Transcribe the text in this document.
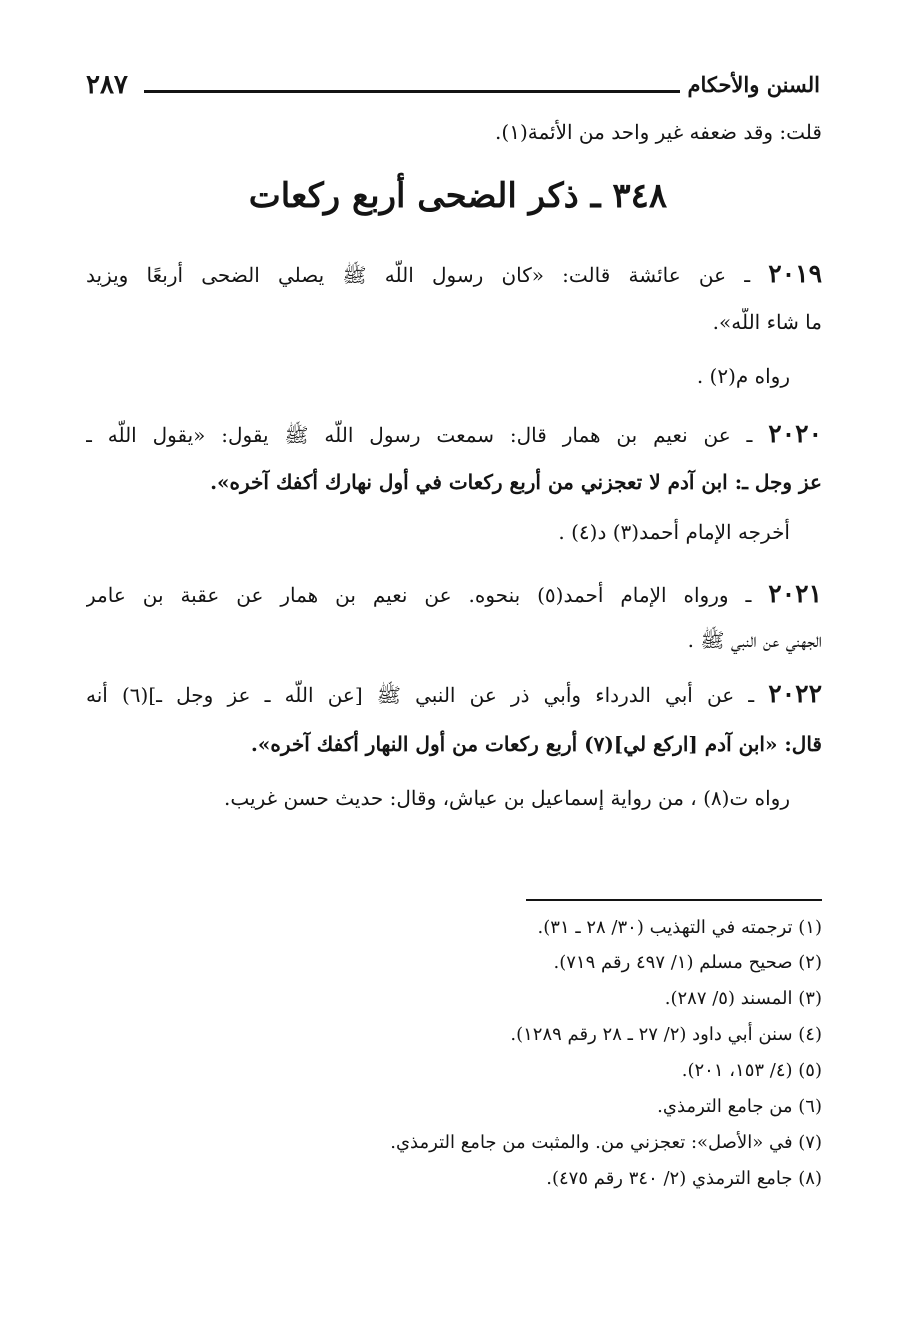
السنن والأحكام
٢٨٧
قلت: وقد ضعفه غير واحد من الأئمة(١).
٣٤٨ ـ ذكر الضحى أربع ركعات
٢٠١٩ ـ عن عائشة قالت: «كان رسول اللَّه ﷺ يصلي الضحى أربعًا ويزيد
ما شاء اللَّه».
رواه م(٢) .
٢٠٢٠ ـ عن نعيم بن همار قال: سمعت رسول اللَّه ﷺ يقول: «يقول اللَّه ـ
عز وجل ـ: ابن آدم لا تعجزني من أربع ركعات في أول نهارك أكفك آخره».
أخرجه الإمام أحمد(٣) د(٤) .
٢٠٢١ ـ ورواه الإمام أحمد(٥) بنحوه. عن نعيم بن همار عن عقبة بن عامر
الجهني عن النبي ﷺ .
٢٠٢٢ ـ عن أبي الدرداء وأبي ذر عن النبي ﷺ [عن اللَّه ـ عز وجل ـ](٦) أنه
قال: «ابن آدم [اركع لي](٧) أربع ركعات من أول النهار أكفك آخره».
رواه ت(٨) ، من رواية إسماعيل بن عياش، وقال: حديث حسن غريب.
(١) ترجمته في التهذيب (٣٠/ ٢٨ ـ ٣١).
(٢) صحيح مسلم (١/ ٤٩٧ رقم ٧١٩).
(٣) المسند (٥/ ٢٨٧).
(٤) سنن أبي داود (٢/ ٢٧ ـ ٢٨ رقم ١٢٨٩).
(٥) (٤/ ١٥٣، ٢٠١).
(٦) من جامع الترمذي.
(٧) في «الأصل»: تعجزني من. والمثبت من جامع الترمذي.
(٨) جامع الترمذي (٢/ ٣٤٠ رقم ٤٧٥).
